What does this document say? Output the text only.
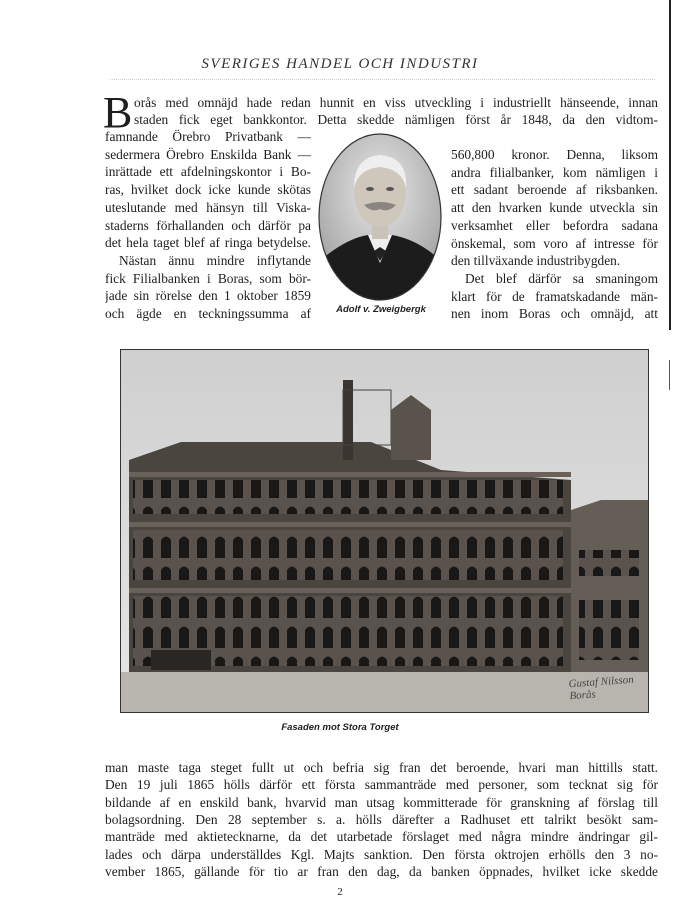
SVERIGES HANDEL OCH INDUSTRI
B orås med omnäjd hade redan hunnit en viss utveckling i industriellt hänseende, innan
staden fick eget bankkontor. Detta skedde nämligen först år 1848, da den vidtom-
famnande Örebro Privatbank —
sedermera Örebro Enskilda Bank —
inrättade ett afdelningskontor i Bo-
ras, hvilket dock icke kunde skötas
uteslutande med hänsyn till Viska-
staderns förhallanden och därför pa
det hela taget blef af ringa betydelse.
Nästan ännu mindre inflytande
fick Filialbanken i Boras, som bör-
jade sin rörelse den 1 oktober 1859
och ägde en teckningssumma af
560,800 kronor. Denna, liksom
andra filialbanker, kom nämligen i
ett sadant beroende af riksbanken.
att den hvarken kunde utveckla sin
verksamhet eller befordra sadana
önskemal, som voro af intresse för
den tillväxande industribygden.
Det blef därför sa smaningom
klart för de framatskadande män-
nen inom Boras och omnäjd, att
Adolf v. Zweigbergk
Gustaf Nilsson
Borås
Fasaden mot Stora Torget
man maste taga steget fullt ut och befria sig fran det beroende, hvari man hittills statt.
Den 19 juli 1865 hölls därför ett första sammanträde med personer, som tecknat sig för
bildande af en enskild bank, hvarvid man utsag kommitterade för granskning af förslag till
bolagsordning. Den 28 september s. a. hölls därefter a Radhuset ett talrikt besökt sam-
manträde med aktietecknarne, da det utarbetade förslaget med några mindre ändringar gil-
lades och därpa underställdes Kgl. Majts sanktion. Den första oktrojen erhölls den 3 no-
vember 1865, gällande för tio ar fran den dag, da banken öppnades, hvilket icke skedde
2
